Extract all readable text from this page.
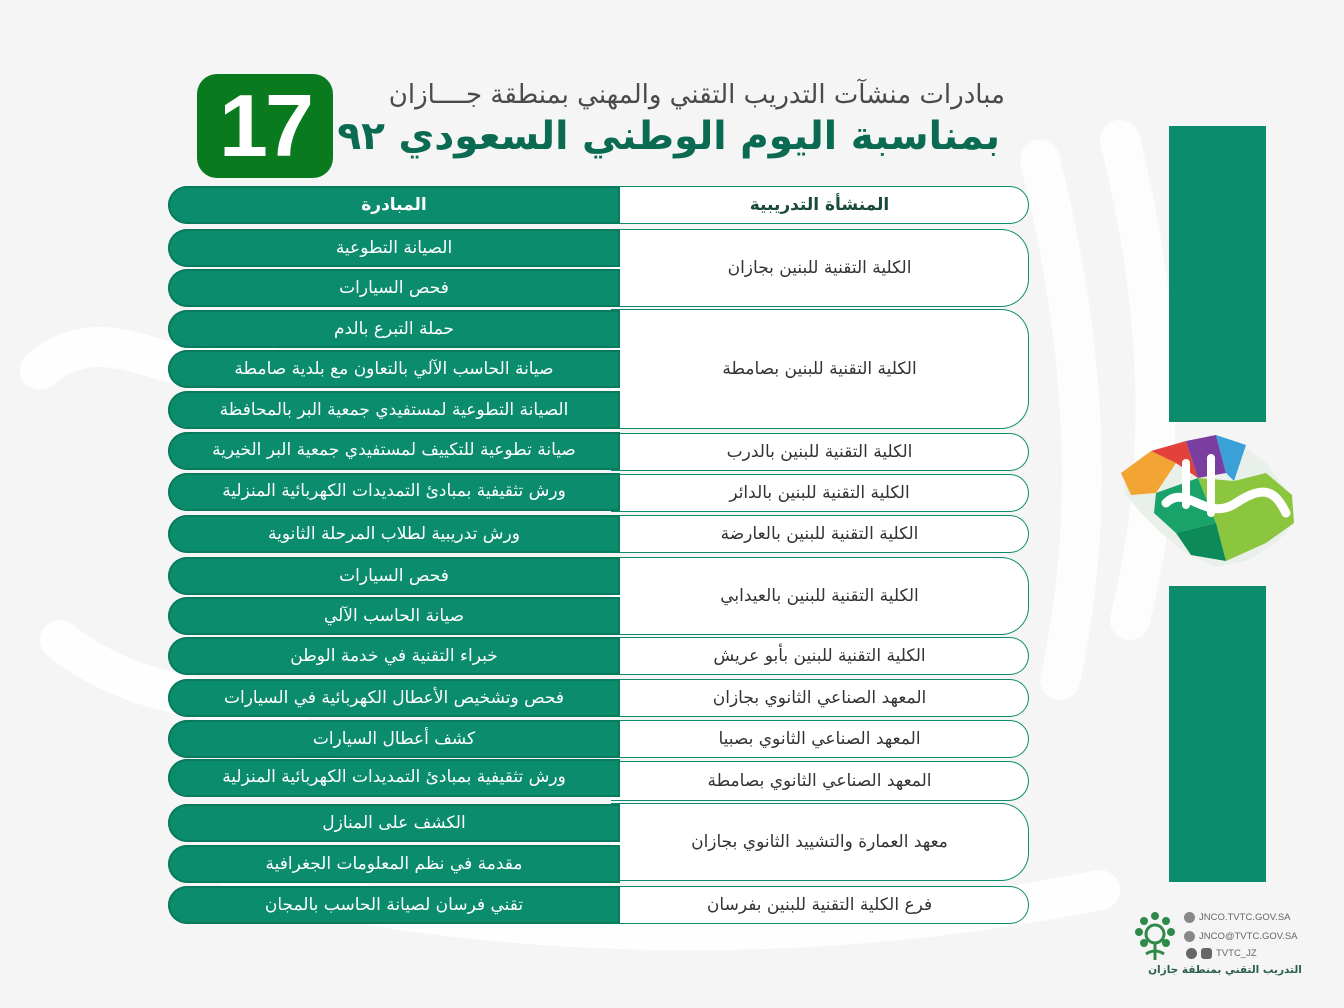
17	مبادرات منشآت التدريب التقني والمهني بمنطقة جــــازان
بمناسبة اليوم الوطني السعودي ٩٢
المنشأة التدريبية
المبادرة
الكلية التقنية للبنين بجازان
الكلية التقنية للبنين بصامطة
الكلية التقنية للبنين بالدرب
الكلية التقنية للبنين بالدائر
الكلية التقنية للبنين بالعارضة
الكلية التقنية للبنين بالعيدابي
الكلية التقنية للبنين بأبو عريش
المعهد الصناعي الثانوي بجازان
المعهد الصناعي الثانوي بصبيا
المعهد الصناعي الثانوي بصامطة
معهد العمارة والتشييد الثانوي بجازان
فرع الكلية التقنية للبنين بفرسان
الصيانة التطوعية
فحص السيارات
حملة التبرع بالدم
صيانة الحاسب الآلي بالتعاون مع بلدية صامطة
الصيانة التطوعية لمستفيدي جمعية البر بالمحافظة
صيانة تطوعية للتكييف لمستفيدي جمعية البر الخيرية
ورش تثقيفية بمبادئ التمديدات الكهربائية المنزلية
ورش تدريبية لطلاب المرحلة الثانوية
فحص السيارات
صيانة الحاسب الآلي
خبراء التقنية في خدمة الوطن
فحص وتشخيص الأعطال الكهربائية في السيارات
كشف أعطال السيارات
ورش تثقيفية بمبادئ التمديدات الكهربائية المنزلية
الكشف على المنازل
مقدمة في نظم المعلومات الجغرافية
تقني فرسان لصيانة الحاسب بالمجان
JNCO.TVTC.GOV.SA
JNCO@TVTC.GOV.SA
TVTC_JZ
التدريب التقني بمنطقة جازان
